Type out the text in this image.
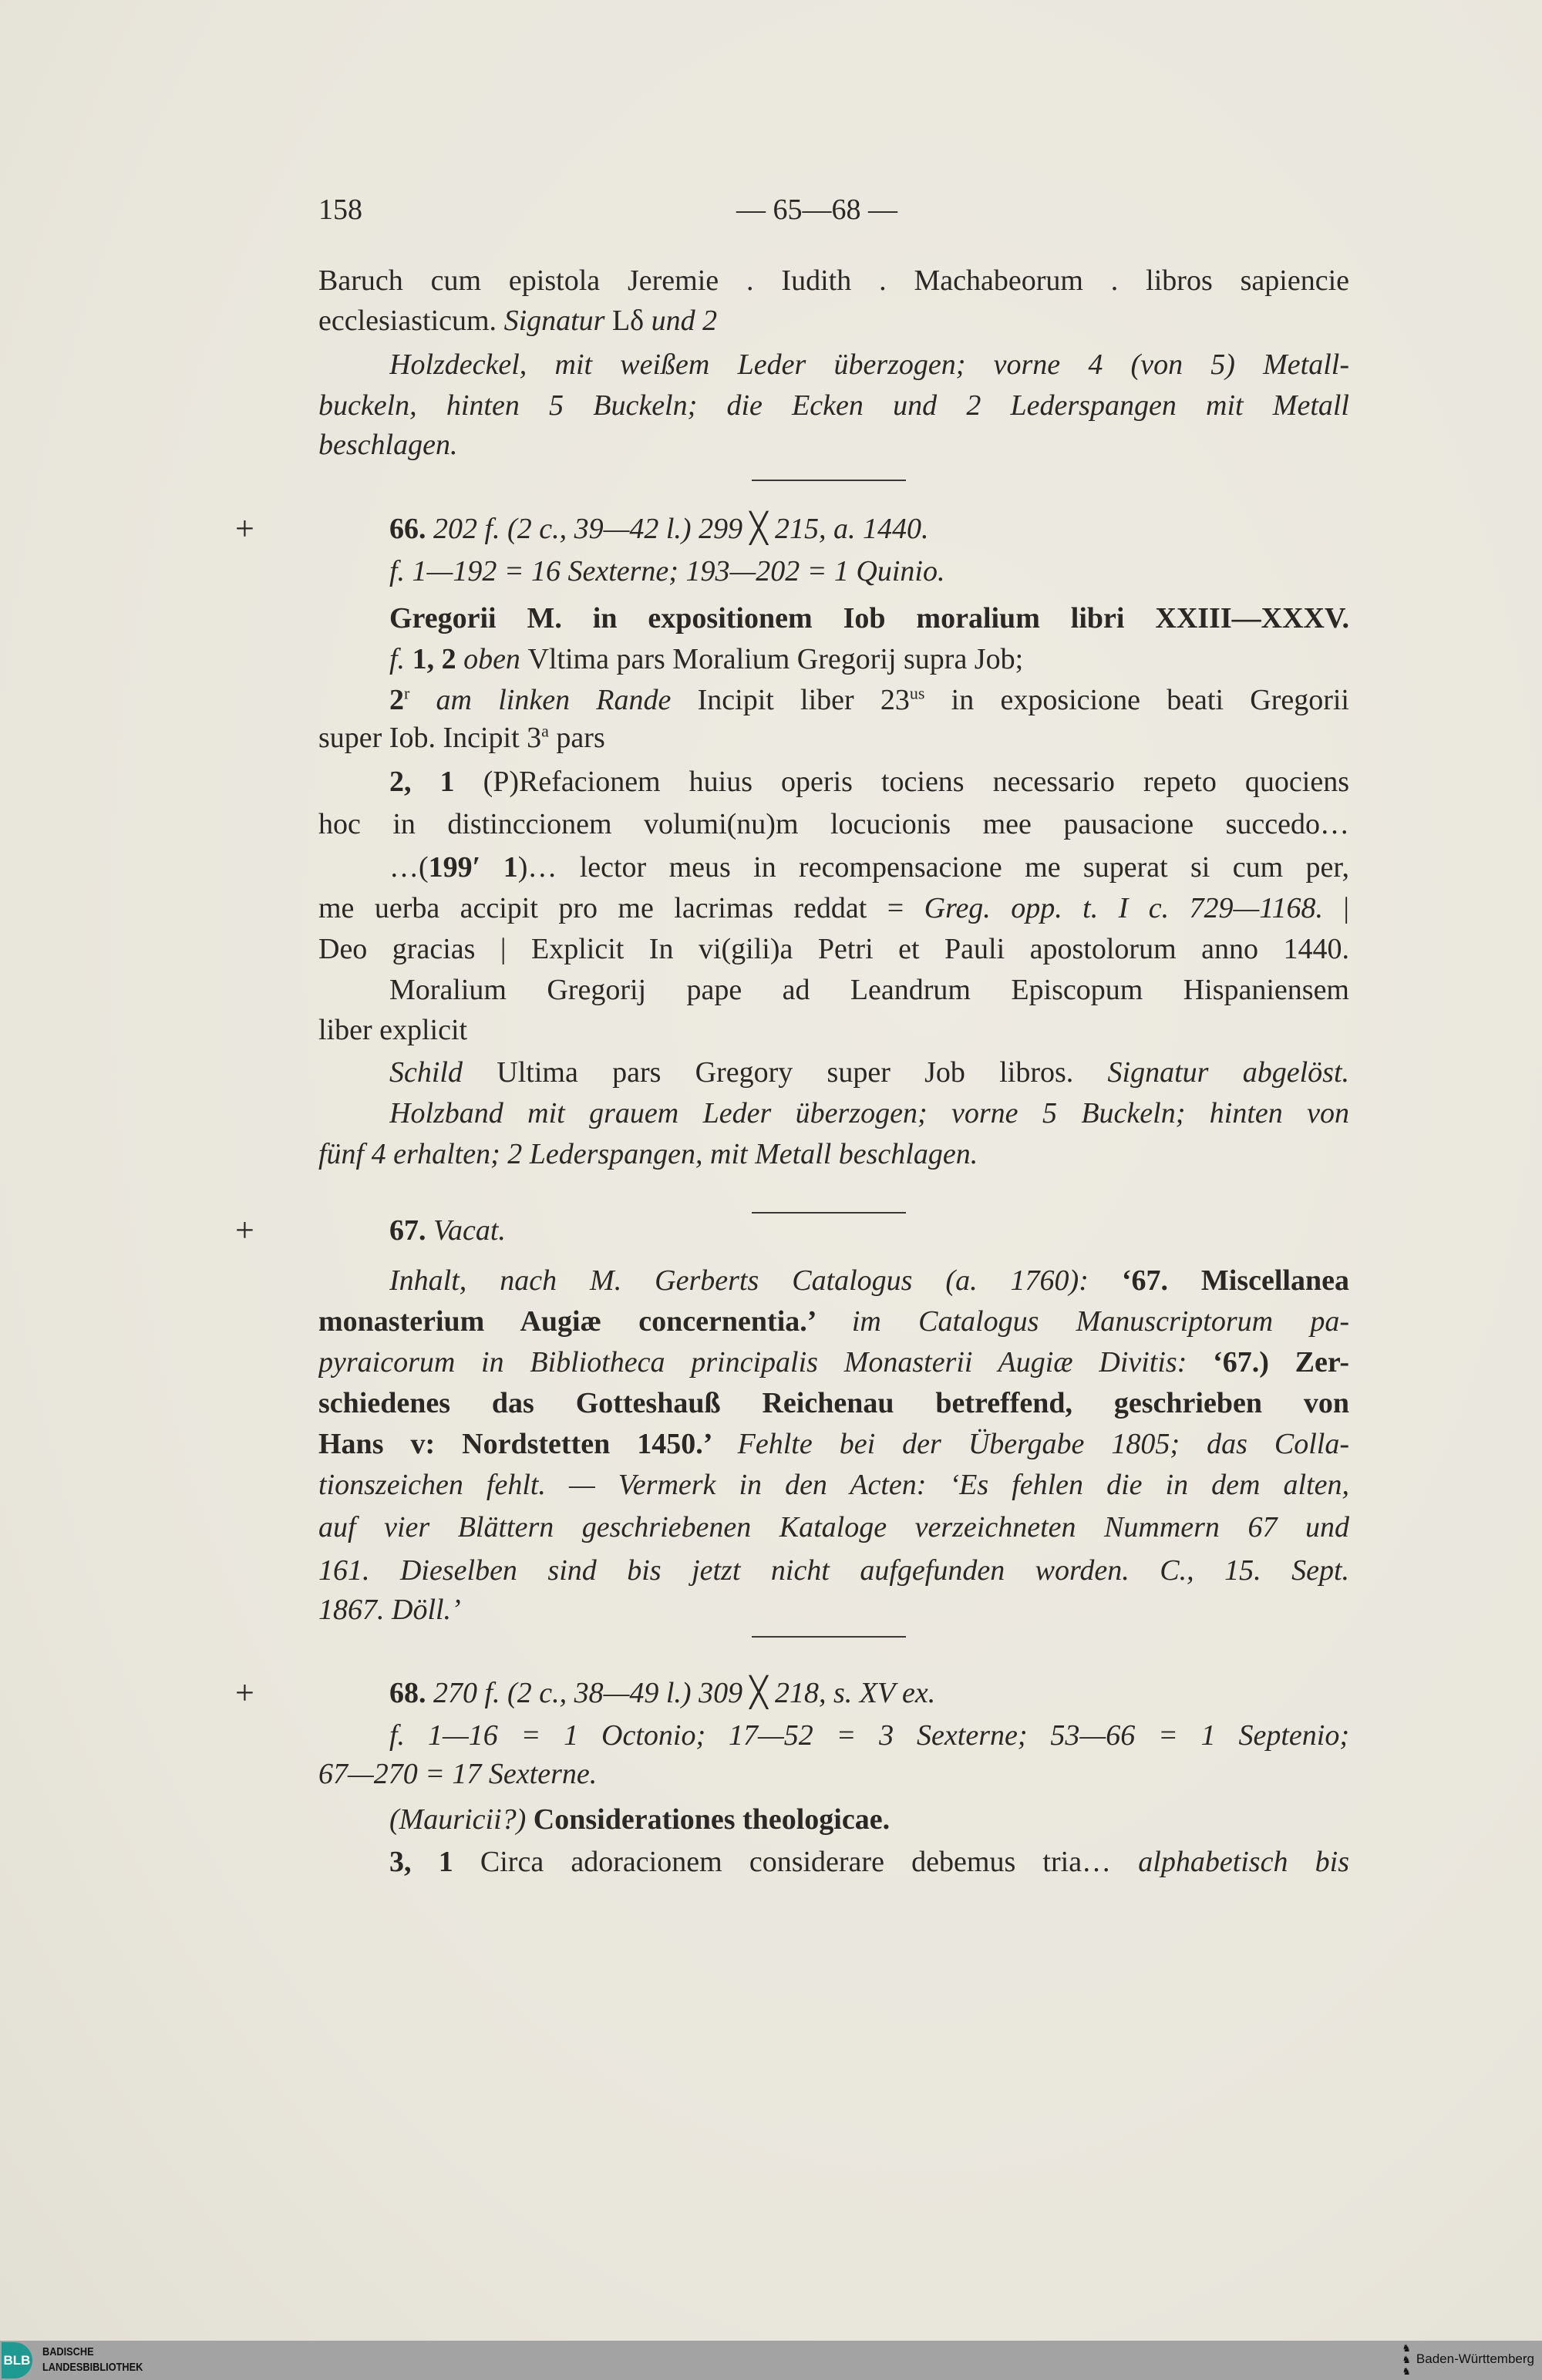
158	— 65—68 —
+
+
+
Baruch cum epistola Jeremie . Iudith . Machabeorum . libros sapiencie
ecclesiasticum. Signatur Lδ und 2
Holzdeckel, mit weißem Leder überzogen; vorne 4 (von 5) Metall-
buckeln, hinten 5 Buckeln; die Ecken und 2 Lederspangen mit Metall
beschlagen.
66. 202 f. (2 c., 39—42 l.) 299 ╳ 215, a. 1440.
f. 1—192 = 16 Sexterne; 193—202 = 1 Quinio.
Gregorii M. in expositionem Iob moralium libri XXIII—XXXV.
f. 1, 2 oben Vltima pars Moralium Gregorij supra Job;
2$^r$ am linken Rande Incipit liber $23^{us}$ in exposicione beati Gregorii
super Iob. Incipit 3$^a$ pars
2, 1 (P)Refacionem huius operis tociens necessario repeto quociens
hoc in distinccionem volumi(nu)m locucionis mee pausacione succedo…
…(199′ 1)… lector meus in recompensacione me superat si cum per,
me uerba accipit pro me lacrimas reddat = Greg. opp. t. I c. 729—1168. |
Deo gracias | Explicit In vi(gili)a Petri et Pauli apostolorum anno 1440.
Moralium Gregorij pape ad Leandrum Episcopum Hispaniensem
liber explicit
Schild Ultima pars Gregory super Job libros. Signatur abgelöst.
Holzband mit grauem Leder überzogen; vorne 5 Buckeln; hinten von
fünf 4 erhalten; 2 Lederspangen, mit Metall beschlagen.
67. Vacat.
Inhalt, nach M. Gerberts Catalogus (a. 1760): ‘67. Miscellanea
monasterium Augiæ concernentia.’ im Catalogus Manuscriptorum pa-
pyraicorum in Bibliotheca principalis Monasterii Augiæ Divitis: ‘67.) Zer-
schiedenes das Gotteshauß Reichenau betreffend, geschrieben von
Hans v: Nordstetten 1450.’ Fehlte bei der Übergabe 1805; das Colla-
tionszeichen fehlt. — Vermerk in den Acten: ‘Es fehlen die in dem alten,
auf vier Blättern geschriebenen Kataloge verzeichneten Nummern 67 und
161. Dieselben sind bis jetzt nicht aufgefunden worden. C., 15. Sept.
1867. Döll.’
68. 270 f. (2 c., 38—49 l.) 309 ╳ 218, s. XV ex.
f. 1—16 = 1 Octonio; 17—52 = 3 Sexterne; 53—66 = 1 Septenio;
67—270 = 17 Sexterne.
(Mauricii?) Considerationes theologicae.
3, 1 Circa adoracionem considerare debemus tria… alphabetisch bis
BLB
BADISCHE
LANDESBIBLIOTHEK
♞
♞
♞
Baden-Württemberg
